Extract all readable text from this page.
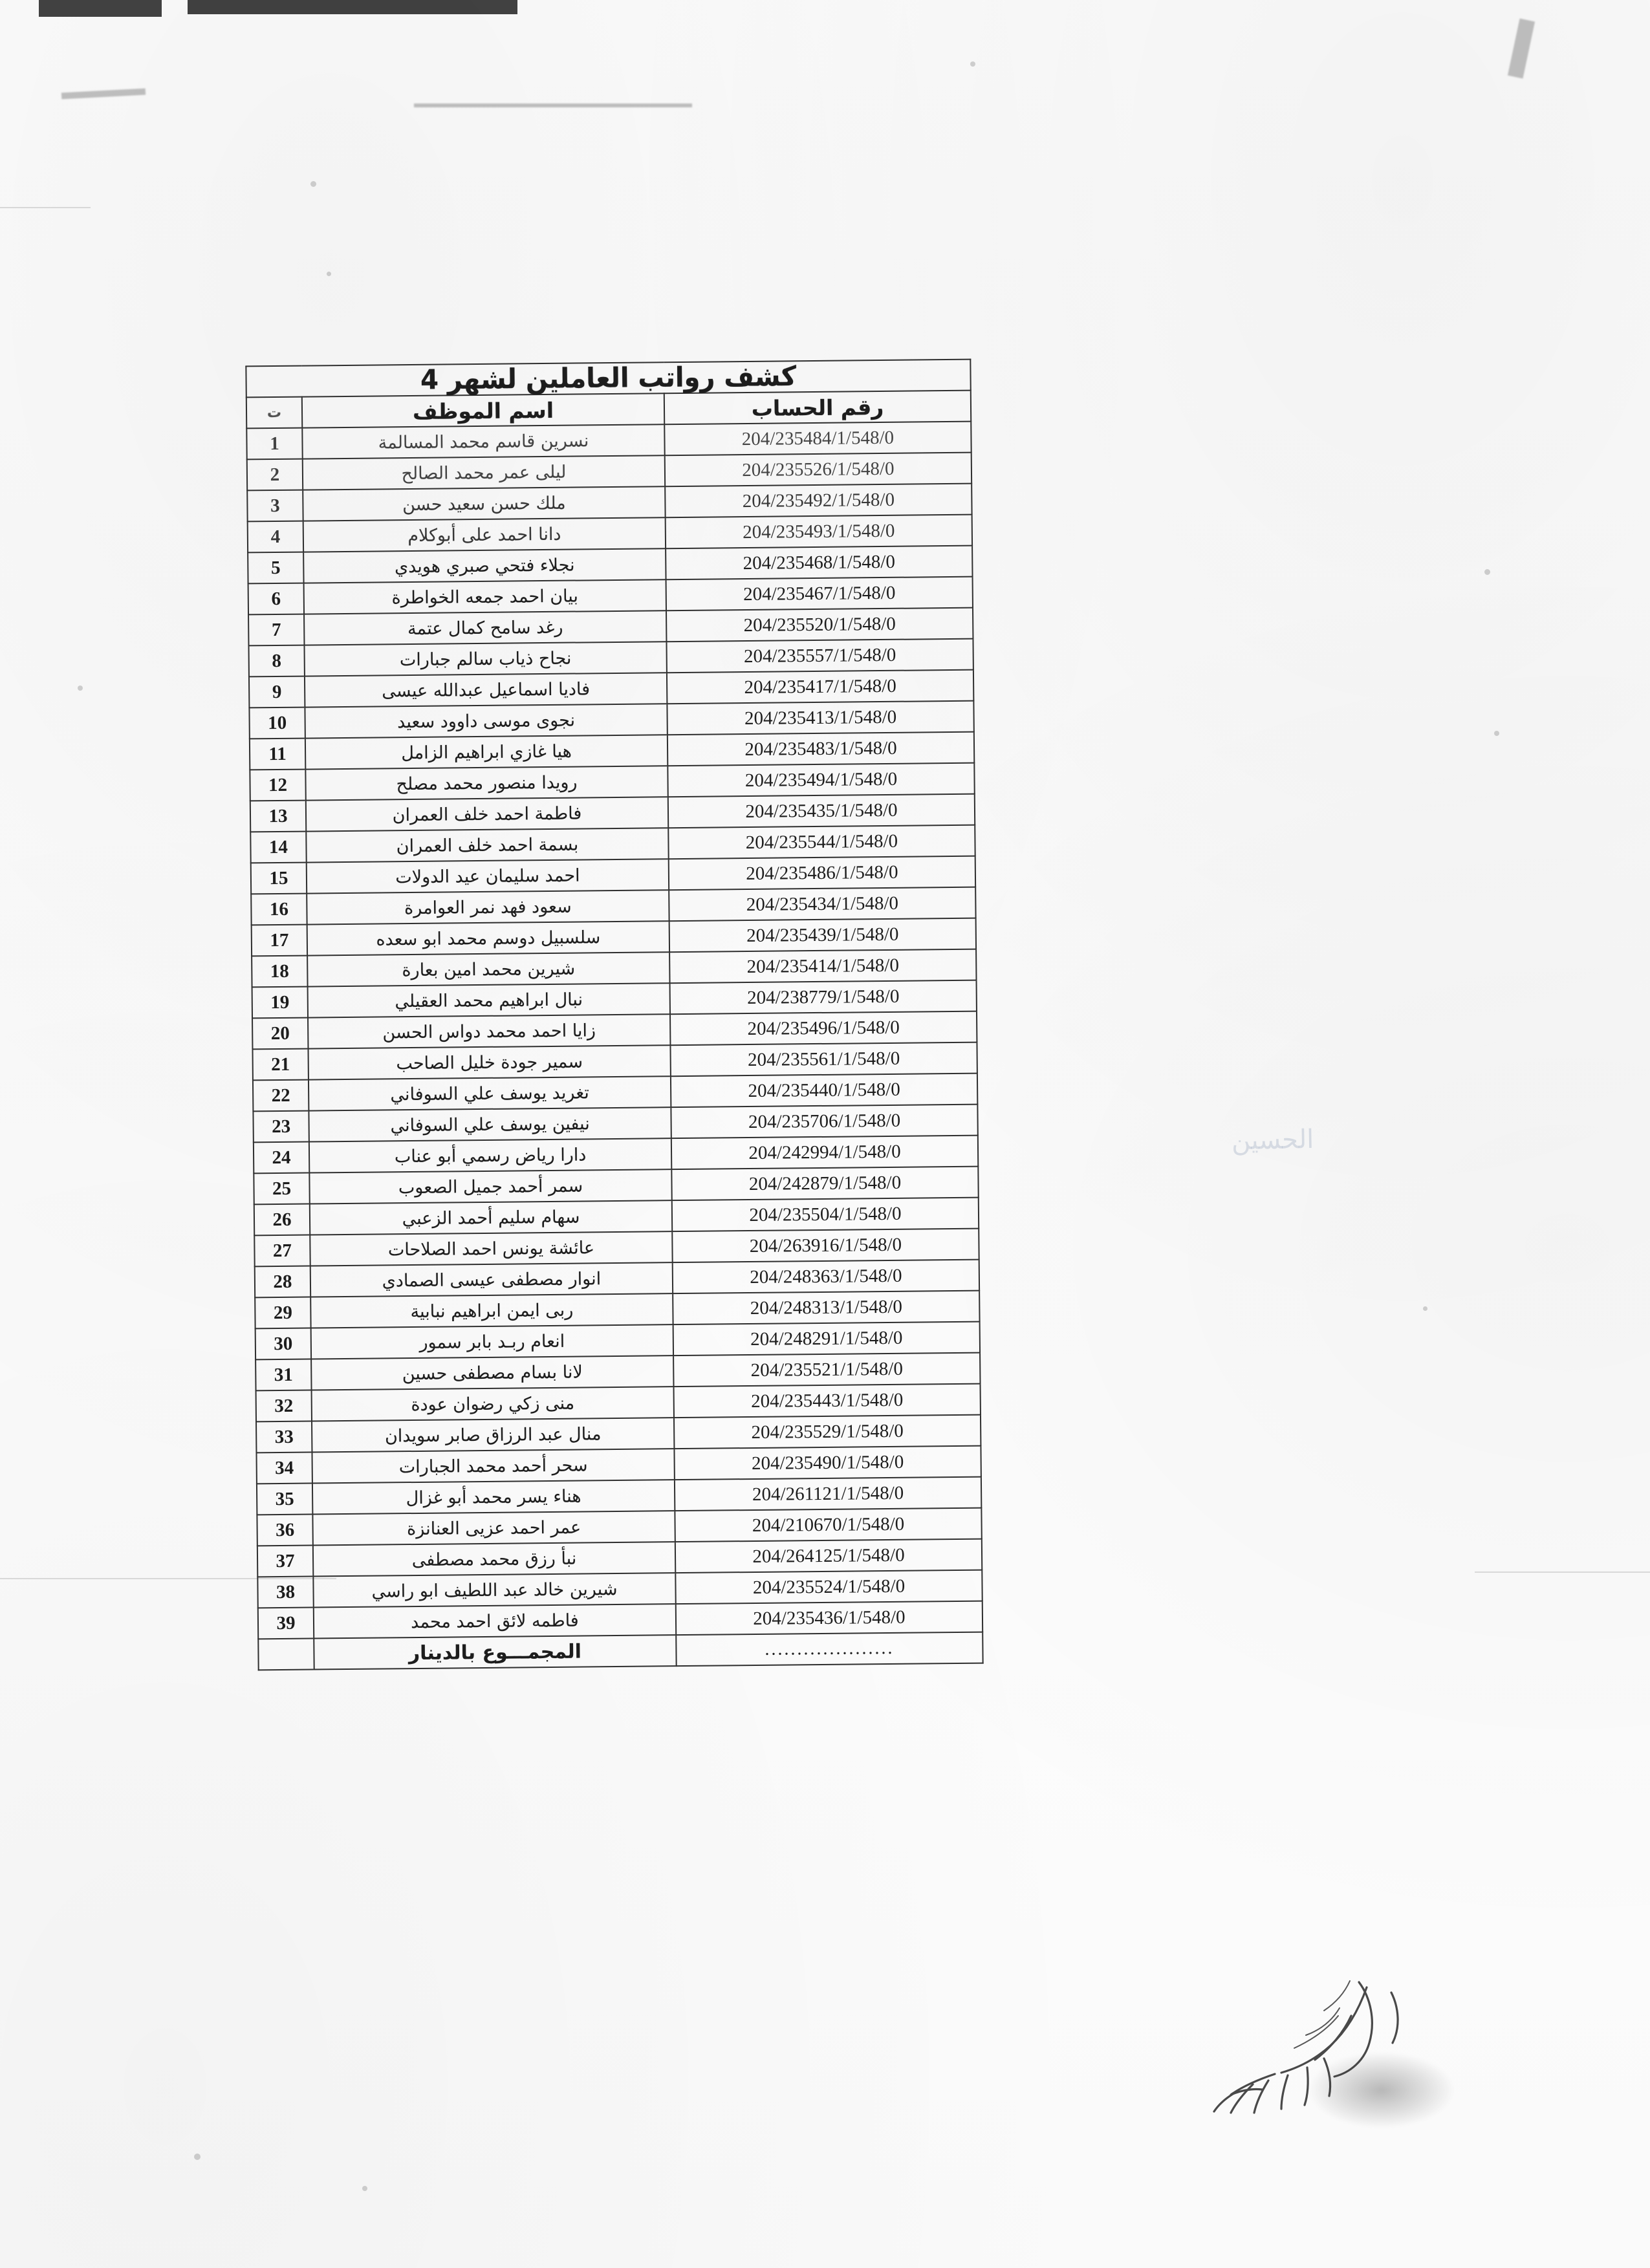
الحسين
كشف رواتب العاملين لشهر 4		
رقم الحساب	اسم الموظف	ت
204/235484/1/548/0	نسرين قاسم محمد المسالمة	1
204/235526/1/548/0	ليلى عمر محمد الصالح	2
204/235492/1/548/0	ملك حسن سعيد حسن	3
204/235493/1/548/0	دانا احمد على أبوكلام	4
204/235468/1/548/0	نجلاء فتحي صبري هويدي	5
204/235467/1/548/0	بيان احمد جمعه الخواطرة	6
204/235520/1/548/0	رغد سامح كمال عتمة	7
204/235557/1/548/0	نجاح ذياب سالم جبارات	8
204/235417/1/548/0	فاديا اسماعيل عبدالله عيسى	9
204/235413/1/548/0	نجوى موسى داوود سعيد	10
204/235483/1/548/0	هيا غازي ابراهيم الزامل	11
204/235494/1/548/0	رويدا منصور محمد مصلح	12
204/235435/1/548/0	فاطمة احمد خلف العمران	13
204/235544/1/548/0	بسمة احمد خلف العمران	14
204/235486/1/548/0	احمد سليمان عيد الدولات	15
204/235434/1/548/0	سعود فهد نمر العوامرة	16
204/235439/1/548/0	سلسبيل دوسم محمد ابو سعده	17
204/235414/1/548/0	شيرين محمد امين بعارة	18
204/238779/1/548/0	نبال ابراهيم محمد العقيلي	19
204/235496/1/548/0	زايا احمد محمد دواس الحسن	20
204/235561/1/548/0	سمير جودة خليل الصاحب	21
204/235440/1/548/0	تغريد يوسف علي السوفاني	22
204/235706/1/548/0	نيفين يوسف علي السوفاني	23
204/242994/1/548/0	دارا رياض رسمي أبو عناب	24
204/242879/1/548/0	سمر أحمد جميل الصعوب	25
204/235504/1/548/0	سهام سليم أحمد الزعبي	26
204/263916/1/548/0	عائشة يونس احمد الصلاحات	27
204/248363/1/548/0	انوار مصطفى عيسى الصمادي	28
204/248313/1/548/0	ربى ايمن ابراهيم نبابية	29
204/248291/1/548/0	انعام ربـد بابر سمور	30
204/235521/1/548/0	لانا بسام مصطفى حسين	31
204/235443/1/548/0	منى زكي رضوان عودة	32
204/235529/1/548/0	منال عبد الرزاق صابر سويدان	33
204/235490/1/548/0	سحر أحمد محمد الجبارات	34
204/261121/1/548/0	هناء يسر محمد أبو غزال	35
204/210670/1/548/0	عمر احمد عزيى العنانزة	36
204/264125/1/548/0	نبأ رزق محمد مصطفى	37
204/235524/1/548/0	شيرين خالد عبد اللطيف ابو راسي	38
204/235436/1/548/0	فاطمه لائق احمد محمد	39
....................	المجمـــوع بالدينار	
